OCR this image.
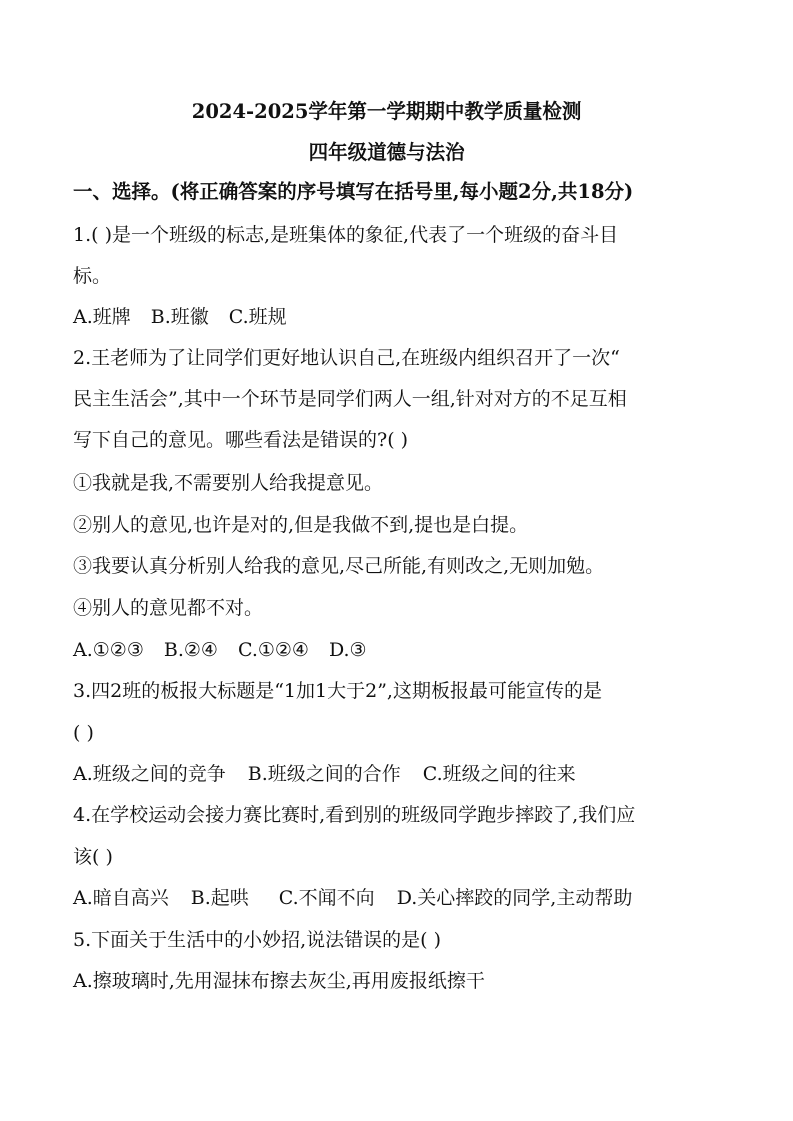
2024-2025学年第一学期期中教学质量检测
四年级道德与法治
一、选择。(将正确答案的序号填写在括号里,每小题2分,共18分)
1.( )是一个班级的标志,是班集体的象征,代表了一个班级的奋斗目
标。
A.班牌 B.班徽 C.班规
2.王老师为了让同学们更好地认识自己,在班级内组织召开了一次“
民主生活会”,其中一个环节是同学们两人一组,针对对方的不足互相
写下自己的意见。哪些看法是错误的?( )
①我就是我,不需要别人给我提意见。
②别人的意见,也许是对的,但是我做不到,提也是白提。
③我要认真分析别人给我的意见,尽己所能,有则改之,无则加勉。
④别人的意见都不对。
A.①②③ B.②④ C.①②④ D.③
3.四2班的板报大标题是“1加1大于2”,这期板报最可能宣传的是
( )
A.班级之间的竞争 B.班级之间的合作 C.班级之间的往来
4.在学校运动会接力赛比赛时,看到别的班级同学跑步摔跤了,我们应
该( )
A.暗自高兴 B.起哄 C.不闻不向 D.关心摔跤的同学,主动帮助
5.下面关于生活中的小妙招,说法错误的是( )
A.擦玻璃时,先用湿抹布擦去灰尘,再用废报纸擦干
